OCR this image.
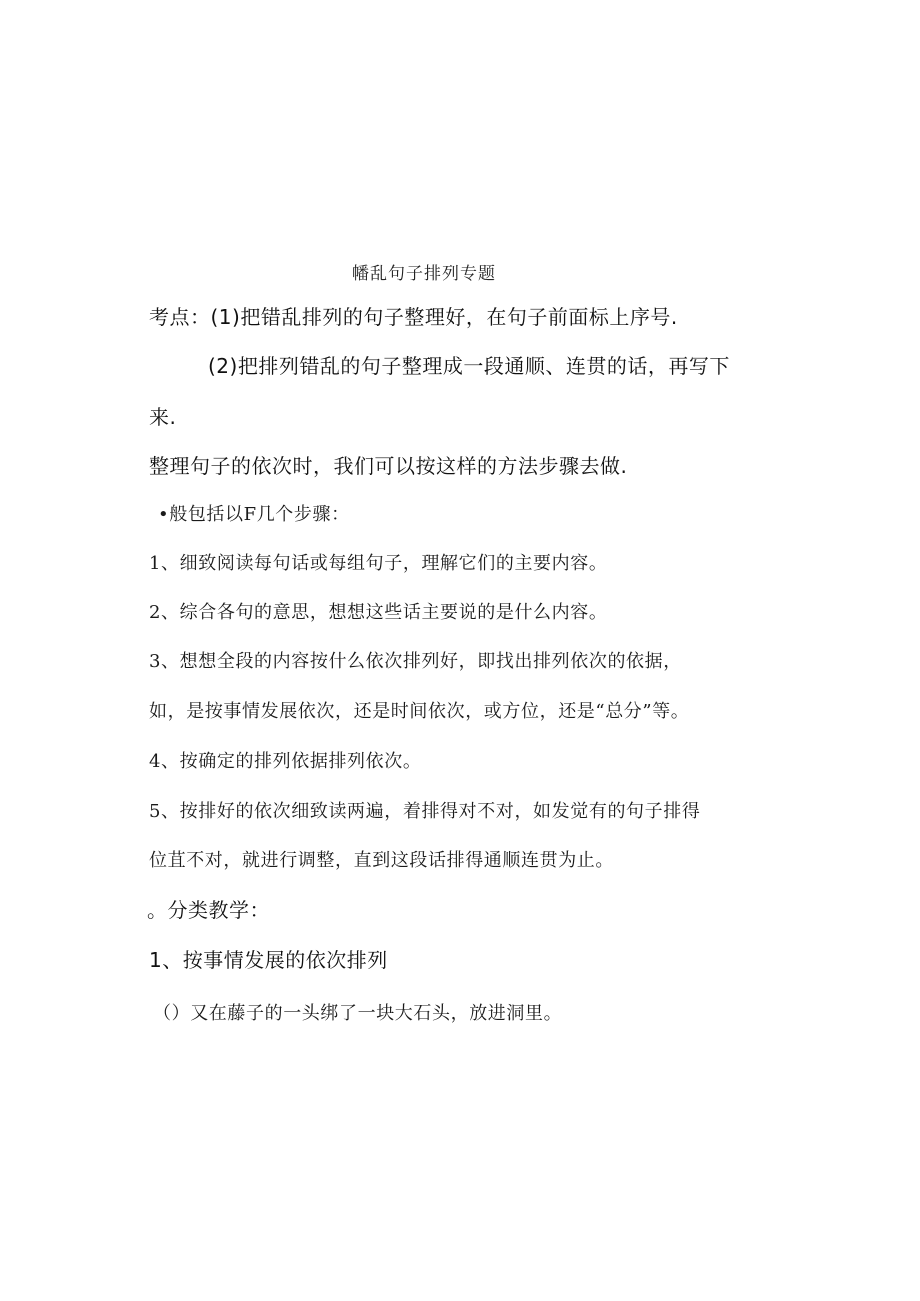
幡乱句子排列专题

考点：(1)把错乱排列的句子整理好，在句子前面标上序号.

(2)把排列错乱的句子整理成一段通顺、连贯的话，再写下

来.

整理句子的依次时，我们可以按这样的方法步骤去做.

•般包括以F几个步骤：

1、细致阅读每句话或每组句子，理解它们的主要内容。

2、综合各句的意思，想想这些话主要说的是什么内容。

3、想想全段的内容按什么依次排列好，即找出排列依次的依据，

如，是按事情发展依次，还是时间依次，或方位，还是“总分”等。

4、按确定的排列依据排列依次。

5、按排好的依次细致读两遍，着排得对不对，如发觉有的句子排得

位苴不对，就进行调整，直到这段话排得通顺连贯为止。

。分类教学：

1、按事情发展的依次排列

（）又在藤子的一头绑了一块大石头，放进洞里。
